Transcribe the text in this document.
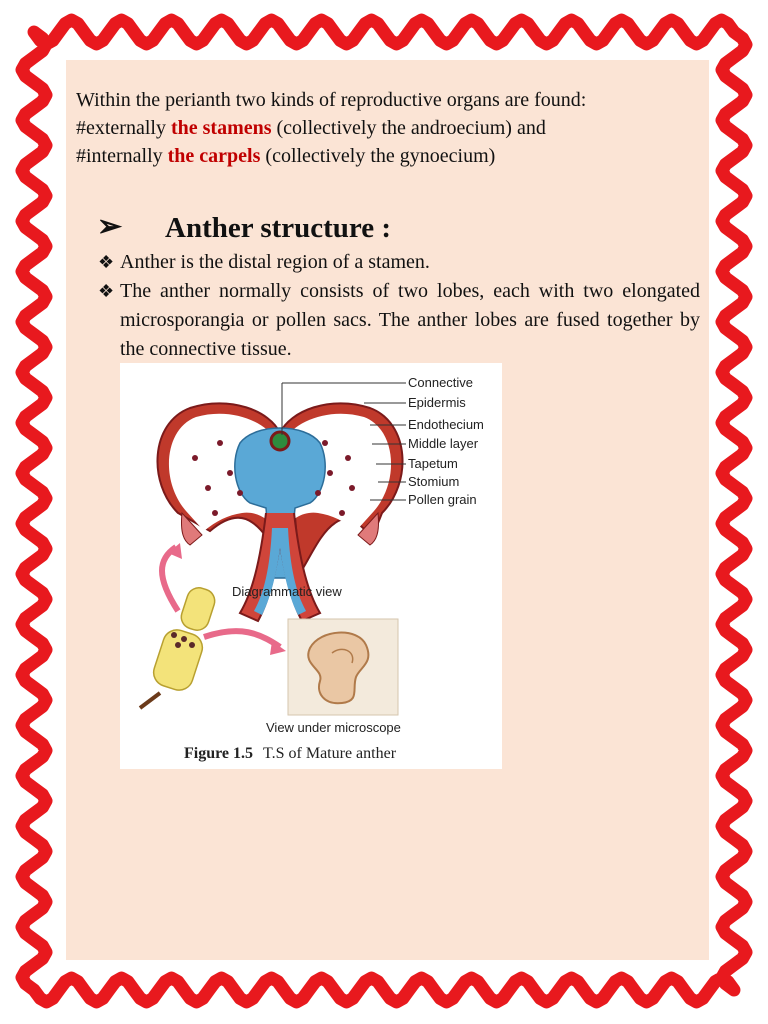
Within the perianth two kinds of reproductive organs are found:
#externally the stamens (collectively the androecium) and
#internally the carpels (collectively the gynoecium)
➢ Anther structure :
❖ Anther is the distal region of a stamen.
❖ The anther normally consists of two lobes, each with two elongated microsporangia or pollen sacs. The anther lobes are fused together by the connective tissue.
Connective
Epidermis
Endothecium
Middle layer
Tapetum
Stomium
Pollen grain
Diagrammatic view
View under microscope
Figure 1.5 T.S of Mature anther
